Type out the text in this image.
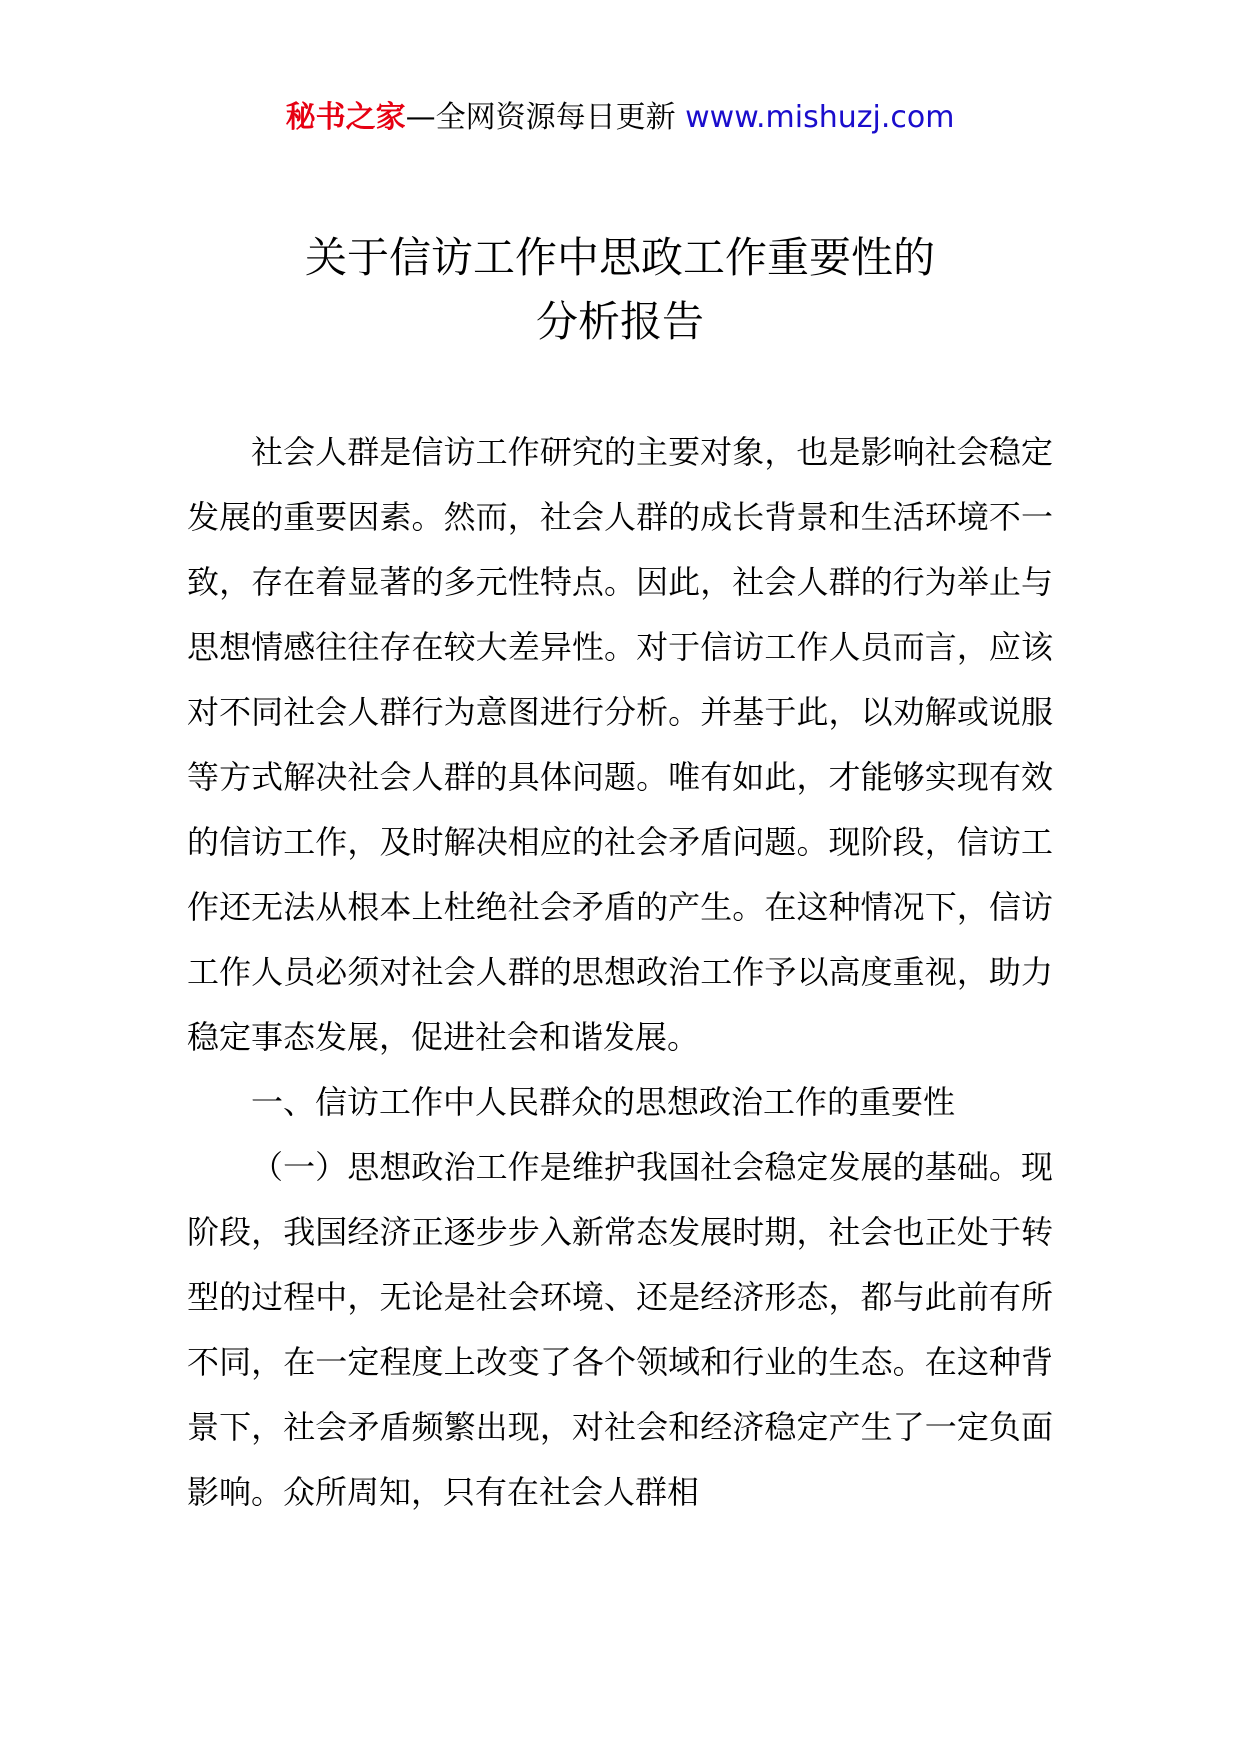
秘书之家—全网资源每日更新 www.mishuzj.com
关于信访工作中思政工作重要性的
分析报告

社会人群是信访工作研究的主要对象，也是影响社会稳定发展的重要因素。然而，社会人群的成长背景和生活环境不一致，存在着显著的多元性特点。因此，社会人群的行为举止与思想情感往往存在较大差异性。对于信访工作人员而言，应该对不同社会人群行为意图进行分析。并基于此，以劝解或说服等方式解决社会人群的具体问题。唯有如此，才能够实现有效的信访工作，及时解决相应的社会矛盾问题。现阶段，信访工作还无法从根本上杜绝社会矛盾的产生。在这种情况下，信访工作人员必须对社会人群的思想政治工作予以高度重视，助力稳定事态发展，促进社会和谐发展。

一、信访工作中人民群众的思想政治工作的重要性

（一）思想政治工作是维护我国社会稳定发展的基础。现阶段，我国经济正逐步步入新常态发展时期，社会也正处于转型的过程中，无论是社会环境、还是经济形态，都与此前有所不同，在一定程度上改变了各个领域和行业的生态。在这种背景下，社会矛盾频繁出现，对社会和经济稳定产生了一定负面影响。众所周知，只有在社会人群相
